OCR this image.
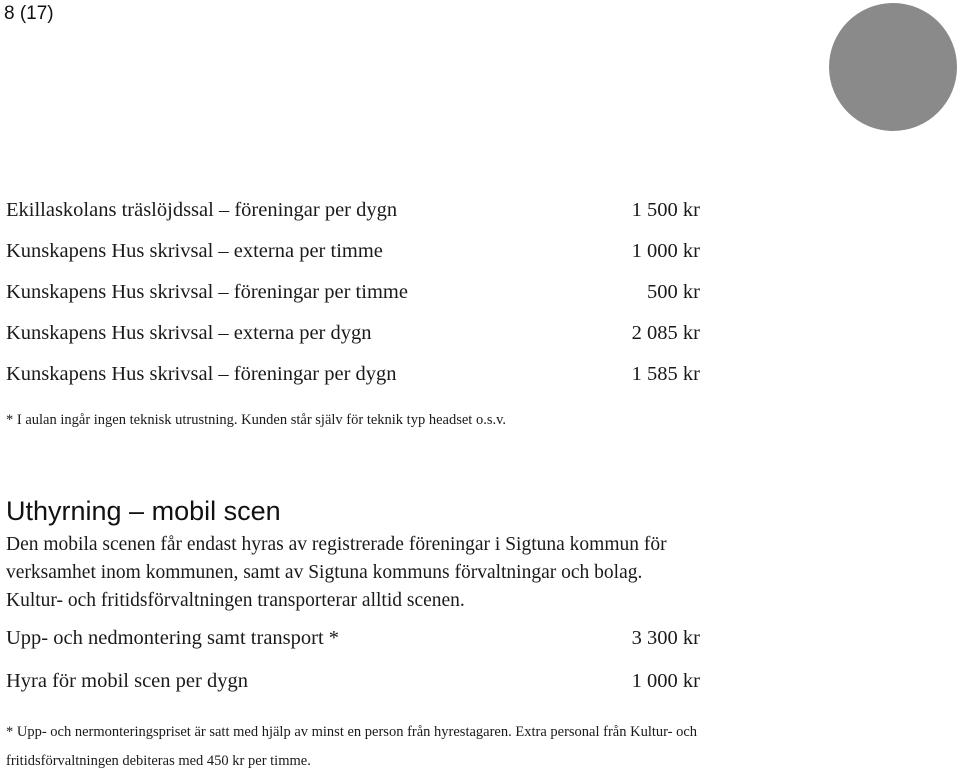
8 (17)
Ekillaskolans träslöjdssal – föreningar per dygn	1 500 kr
Kunskapens Hus skrivsal – externa per timme	1 000 kr
Kunskapens Hus skrivsal – föreningar per timme	500 kr
Kunskapens Hus skrivsal – externa per dygn	2 085 kr
Kunskapens Hus skrivsal – föreningar per dygn	1 585 kr
* I aulan ingår ingen teknisk utrustning. Kunden står själv för teknik typ headset o.s.v.
Uthyrning – mobil scen
Den mobila scenen får endast hyras av registrerade föreningar i Sigtuna kommun för
verksamhet inom kommunen, samt av Sigtuna kommuns förvaltningar och bolag.
Kultur- och fritidsförvaltningen transporterar alltid scenen.
Upp- och nedmontering samt transport *	3 300 kr
Hyra för mobil scen per dygn	1 000 kr
* Upp- och nermonteringspriset är satt med hjälp av minst en person från hyrestagaren. Extra personal från Kultur- och
fritidsförvaltningen debiteras med 450 kr per timme.
